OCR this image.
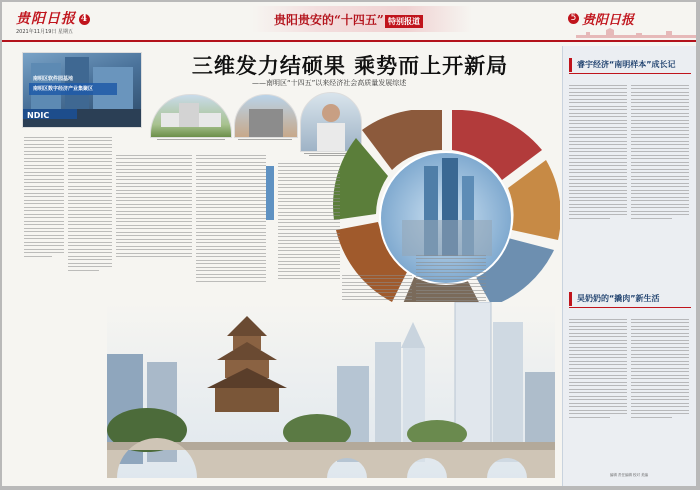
贵阳日报 4
2021年11月19日 星期五
贵阳贵安的“十四五” 特别报道	5 贵阳日报
南明区软件园基地
南明区数字经济产业集聚区
NDIC
三维发力结硕果 乘势而上开新局
——南明区“十四五”以来经济社会高质量发展综述
睿宇经济“南明样本”成长记
昊奶奶的“撬肉”新生活
编辑 责任编辑 校对 美编
